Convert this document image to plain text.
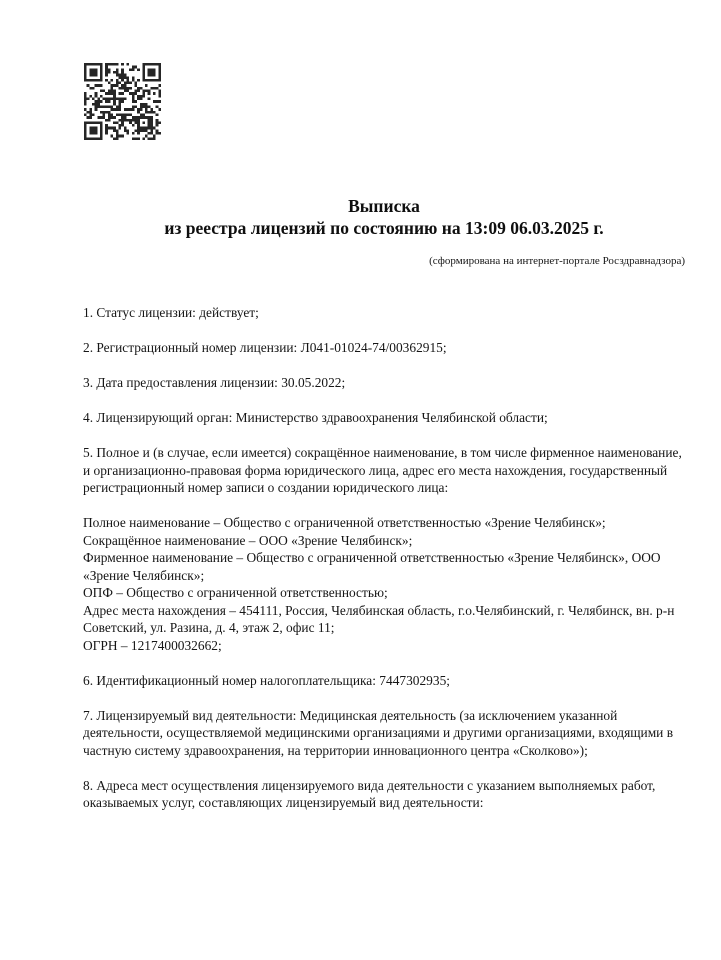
Выписка
из реестра лицензий по состоянию на 13:09 06.03.2025 г.
(сформирована на интернет-портале Росздравнадзора)

1. Статус лицензии: действует;

2. Регистрационный номер лицензии: Л041-01024-74/00362915;

3. Дата предоставления лицензии: 30.05.2022;

4. Лицензирующий орган: Министерство здравоохранения Челябинской области;

5. Полное и (в случае, если имеется) сокращённое наименование, в том числе фирменное наименование, и организационно-правовая форма юридического лица, адрес его места нахождения, государственный регистрационный номер записи о создании юридического лица:

Полное наименование – Общество с ограниченной ответственностью «Зрение Челябинск»;
Сокращённое наименование – ООО «Зрение Челябинск»;
Фирменное наименование – Общество с ограниченной ответственностью «Зрение Челябинск», ООО «Зрение Челябинск»;
ОПФ – Общество с ограниченной ответственностью;
Адрес места нахождения – 454111, Россия, Челябинская область, г.о.Челябинский, г. Челябинск, вн. р-н Советский, ул. Разина, д. 4, этаж 2, офис 11;
ОГРН – 1217400032662;

6. Идентификационный номер налогоплательщика: 7447302935;

7. Лицензируемый вид деятельности: Медицинская деятельность (за исключением указанной деятельности, осуществляемой медицинскими организациями и другими организациями, входящими в частную систему здравоохранения, на территории инновационного центра «Сколково»);

8. Адреса мест осуществления лицензируемого вида деятельности с указанием выполняемых работ, оказываемых услуг, составляющих лицензируемый вид деятельности:
